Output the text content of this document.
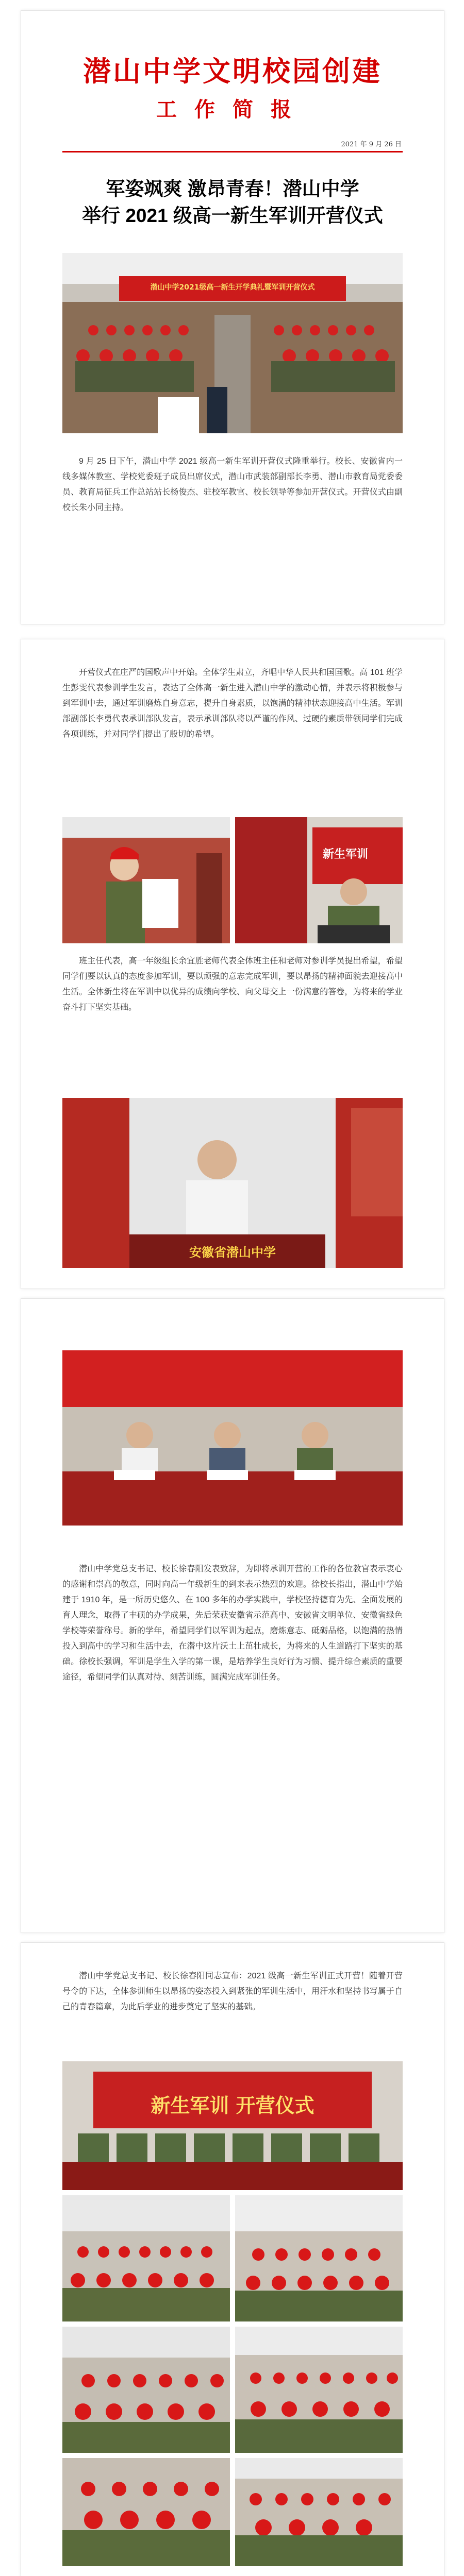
潜山中学文明校园创建
工作简报
2021 年 9 月 26 日
军姿飒爽 激昂青春！潜山中学
举行 2021 级高一新生军训开营仪式
潜山中学2021级高一新生开学典礼暨军训开营仪式
9 月 25 日下午，潜山中学 2021 级高一新生军训开营仪式隆重举行。校长、安徽省内一线多媒体教室、学校党委班子成员出席仪式，潜山市武装部副部长李勇、潜山市教育局党委委员、教育局征兵工作总站站长杨俊杰、驻校军教官、校长领导等参加开营仪式。开营仪式由副校长朱小同主持。
开营仪式在庄严的国歌声中开始。全体学生肃立，齐唱中华人民共和国国歌。高 101 班学生彭雯代表参训学生发言，表达了全体高一新生进入潜山中学的激动心情，并表示将积极参与到军训中去，通过军训磨炼自身意志，提升自身素质，以饱满的精神状态迎接高中生活。军训部副部长李勇代表承训部队发言，表示承训部队将以严谨的作风、过硬的素质带领同学们完成各项训练，并对同学们提出了殷切的希望。
新生军训
班主任代表，高一年级组长余宜胜老师代表全体班主任和老师对参训学员提出希望，希望同学们要以认真的态度参加军训，要以顽强的意志完成军训，要以昂扬的精神面貌去迎接高中生活。全体新生将在军训中以优异的成绩向学校、向父母交上一份满意的答卷，为将来的学业奋斗打下坚实基础。
安徽省潜山中学
潜山中学党总支书记、校长徐春阳发表致辞，为即将承训开营的工作的各位教官表示衷心的感谢和崇高的敬意，同时向高一年级新生的到来表示热烈的欢迎。徐校长指出，潜山中学始建于 1910 年，是一所历史悠久、在 100 多年的办学实践中，学校坚持德育为先、全面发展的育人理念，取得了丰硕的办学成果，先后荣获安徽省示范高中、安徽省文明单位、安徽省绿色学校等荣誉称号。新的学年，希望同学们以军训为起点，磨炼意志、砥砺品格，以饱满的热情投入到高中的学习和生活中去，在潜中这片沃土上茁壮成长，为将来的人生道路打下坚实的基础。徐校长强调，军训是学生入学的第一课，是培养学生良好行为习惯、提升综合素质的重要途径，希望同学们认真对待、刻苦训练，圆满完成军训任务。
潜山中学党总支书记、校长徐春阳同志宣布：2021 级高一新生军训正式开营！随着开营号令的下达，全体参训师生以昂扬的姿态投入到紧张的军训生活中，用汗水和坚持书写属于自己的青春篇章，为此后学业的进步奠定了坚实的基础。
新生军训 开营仪式
